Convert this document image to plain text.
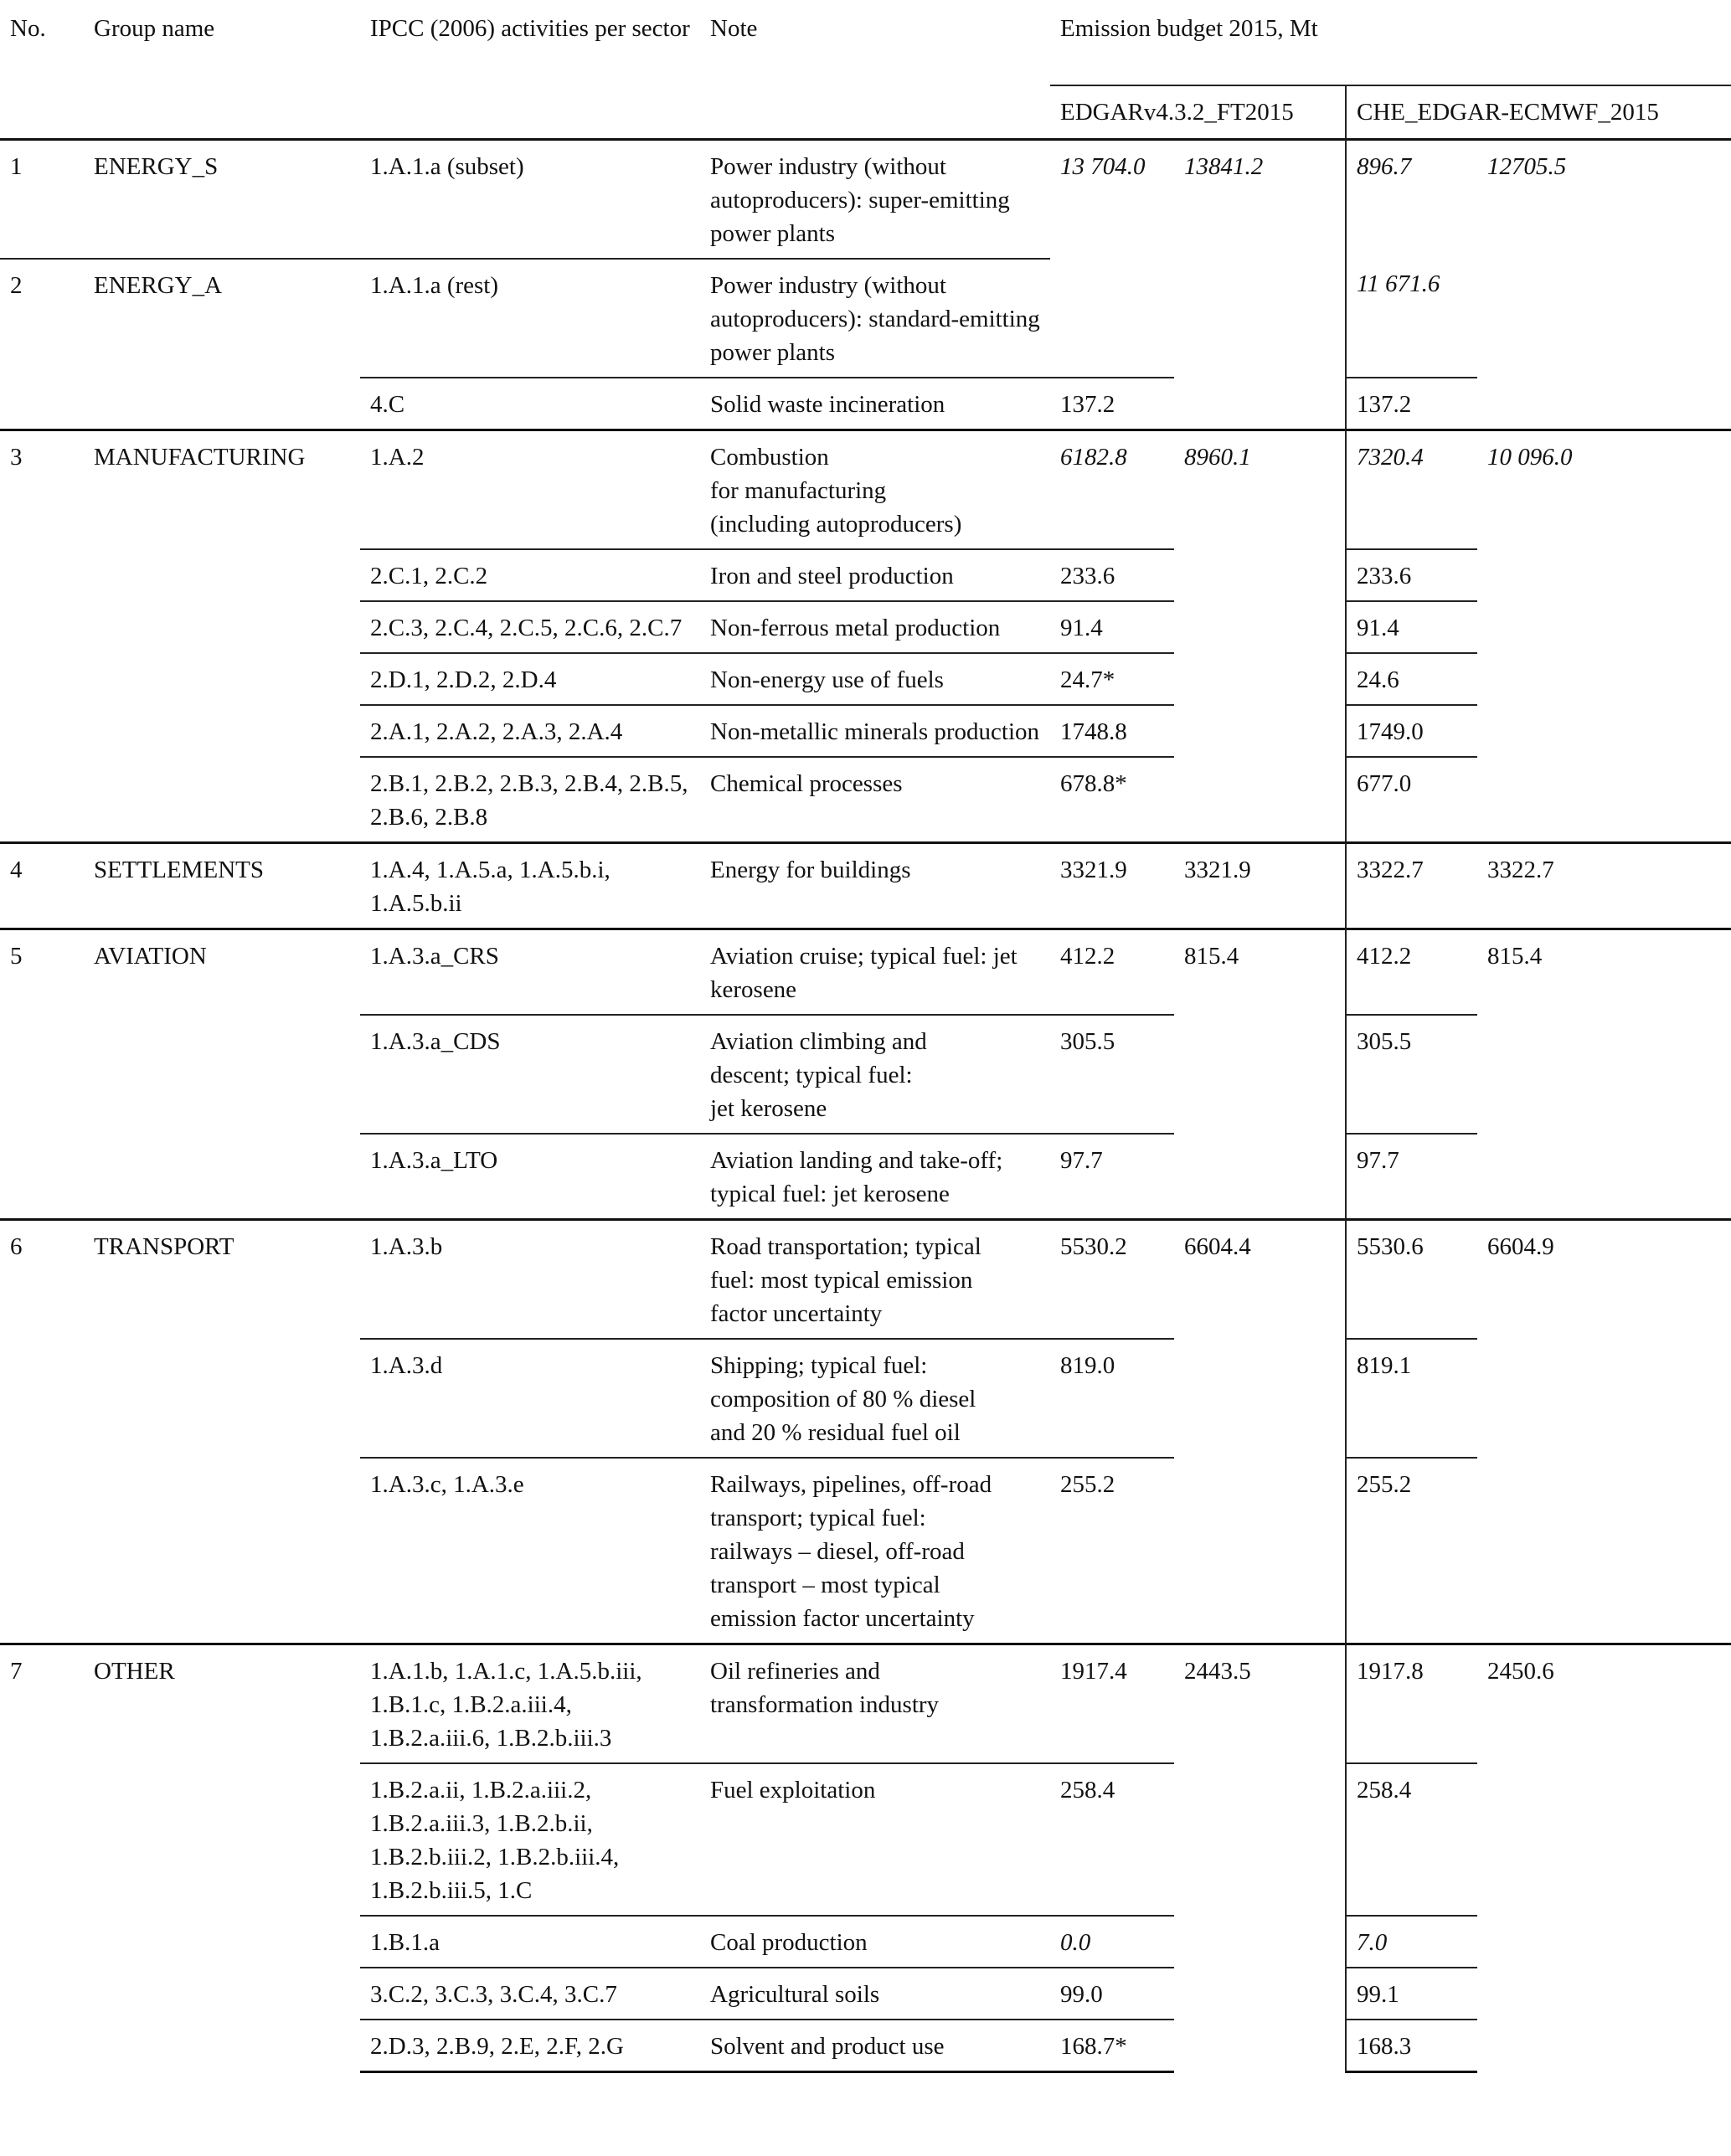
No.	Group name	IPCC (2006) activities per sector	Note	Emission budget 2015, Mt			
				EDGARv4.3.2_FT2015		CHE_EDGAR-ECMWF_2015	
1	ENERGY_S	1.A.1.a (subset)	Power industry (without autoproducers): super-emitting power plants	13 704.0	13841.2	896.7	12705.5
2	ENERGY_A	1.A.1.a (rest)	Power industry (without autoproducers): standard-emitting power plants			11 671.6	
		4.C	Solid waste incineration	137.2		137.2	
3	MANUFACTURING	1.A.2	Combustion
for manufacturing
(including autoproducers)	6182.8	8960.1	7320.4	10 096.0
		2.C.1, 2.C.2	Iron and steel production	233.6		233.6	
		2.C.3, 2.C.4, 2.C.5, 2.C.6, 2.C.7	Non-ferrous metal production	91.4		91.4	
		2.D.1, 2.D.2, 2.D.4	Non-energy use of fuels	24.7*		24.6	
		2.A.1, 2.A.2, 2.A.3, 2.A.4	Non-metallic minerals production	1748.8		1749.0	
		2.B.1, 2.B.2, 2.B.3, 2.B.4, 2.B.5, 2.B.6, 2.B.8	Chemical processes	678.8*		677.0	
4	SETTLEMENTS	1.A.4, 1.A.5.a, 1.A.5.b.i, 1.A.5.b.ii	Energy for buildings	3321.9	3321.9	3322.7	3322.7
5	AVIATION	1.A.3.a_CRS	Aviation cruise; typical fuel: jet kerosene	412.2	815.4	412.2	815.4
		1.A.3.a_CDS	Aviation climbing and
descent; typical fuel:
jet kerosene	305.5		305.5	
		1.A.3.a_LTO	Aviation landing and take-off;
typical fuel: jet kerosene	97.7		97.7	
6	TRANSPORT	1.A.3.b	Road transportation; typical
fuel: most typical emission
factor uncertainty	5530.2	6604.4	5530.6	6604.9
		1.A.3.d	Shipping; typical fuel:
composition of 80 % diesel
and 20 % residual fuel oil	819.0		819.1	
		1.A.3.c, 1.A.3.e	Railways, pipelines, off-road
transport; typical fuel:
railways – diesel, off-road
transport – most typical
emission factor uncertainty	255.2		255.2	
7	OTHER	1.A.1.b, 1.A.1.c, 1.A.5.b.iii,
1.B.1.c, 1.B.2.a.iii.4,
1.B.2.a.iii.6, 1.B.2.b.iii.3	Oil refineries and
transformation industry	1917.4	2443.5	1917.8	2450.6
		1.B.2.a.ii, 1.B.2.a.iii.2,
1.B.2.a.iii.3, 1.B.2.b.ii,
1.B.2.b.iii.2, 1.B.2.b.iii.4,
1.B.2.b.iii.5, 1.C	Fuel exploitation	258.4		258.4	
		1.B.1.a	Coal production	0.0		7.0	
		3.C.2, 3.C.3, 3.C.4, 3.C.7	Agricultural soils	99.0		99.1	
		2.D.3, 2.B.9, 2.E, 2.F, 2.G	Solvent and product use	168.7*		168.3	
